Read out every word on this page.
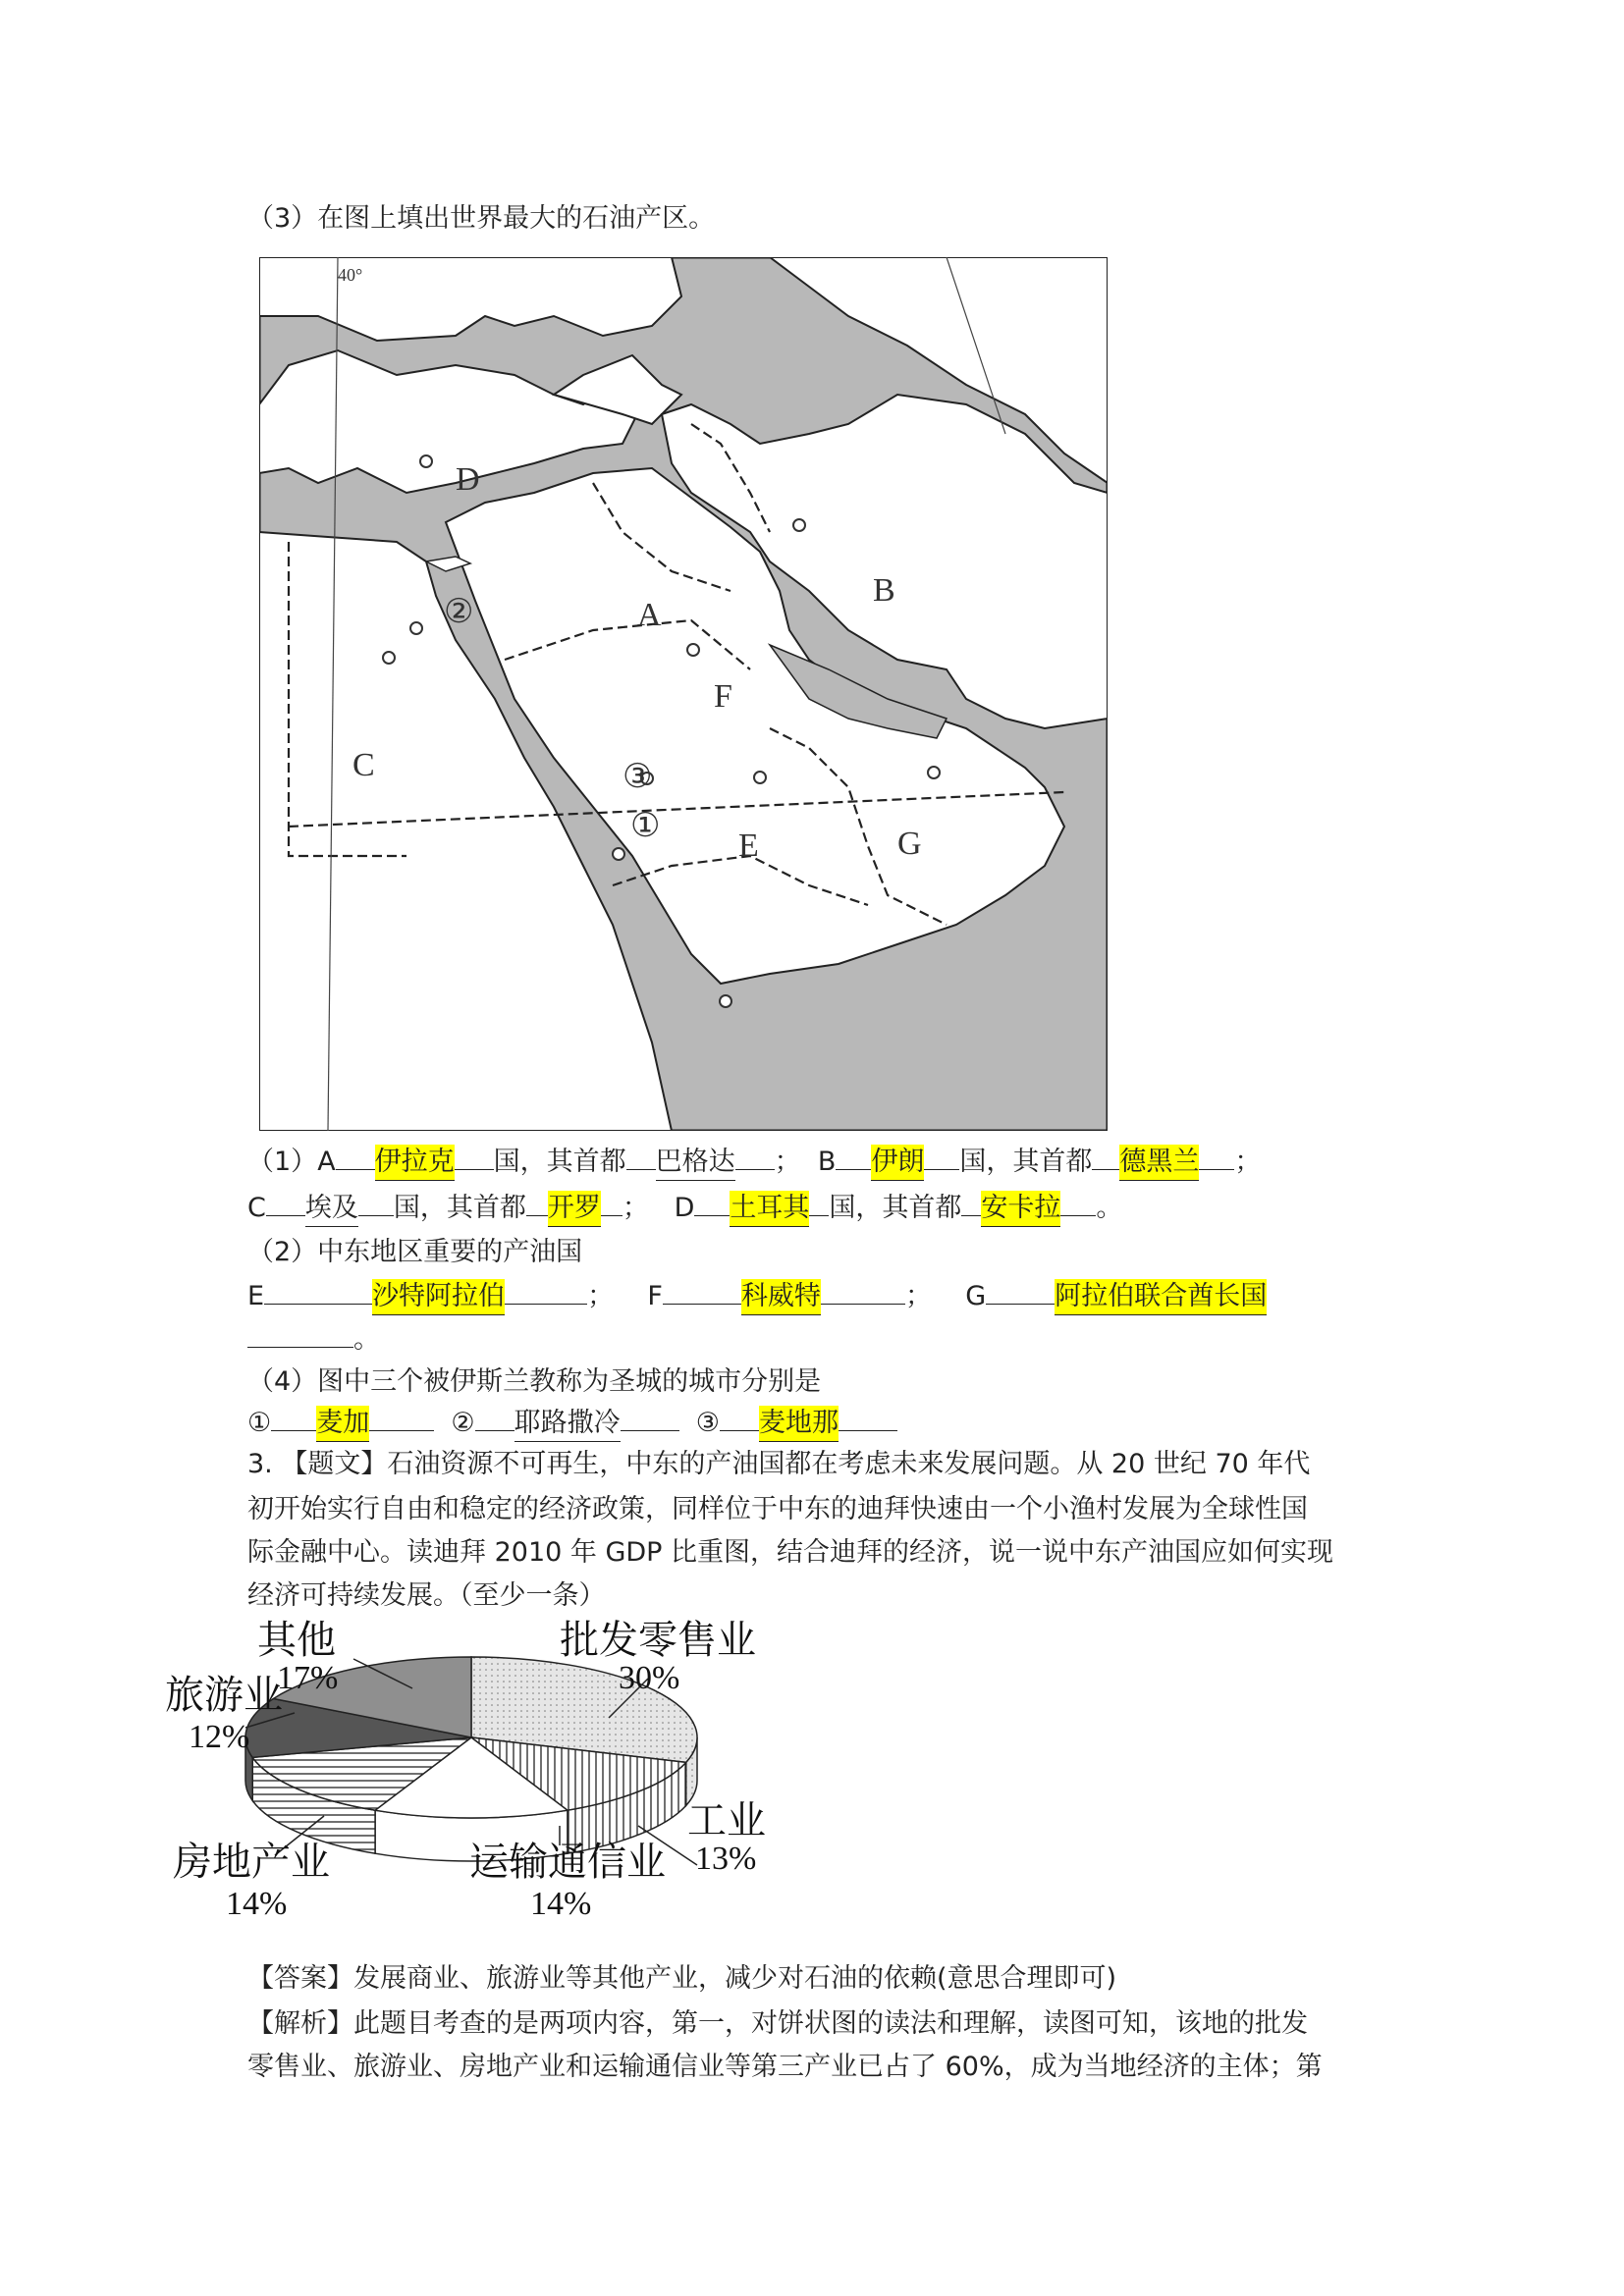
（3）在图上填出世界最大的石油产区。
40°
D
B
A
F
C
E	G
②
③
①
（1）A 伊拉克 国，其首都 巴格达 ； B 伊朗 国，其首都 德黑兰 ；
C 埃及 国，其首都 开罗 ； D 土耳其 国，其首都 安卡拉 。
（2）中东地区重要的产油国
E	沙特阿拉伯	； F	科威特	； G	阿拉伯联合酋长国
。
（4）图中三个被伊斯兰教称为圣城的城市分别是
① 麦加	② 耶路撒冷	③ 麦地那
3. 【题文】石油资源不可再生，中东的产油国都在考虑未来发展问题。从 20 世纪 70 年代
初开始实行自由和稳定的经济政策，同样位于中东的迪拜快速由一个小渔村发展为全球性国
际金融中心。读迪拜 2010 年 GDP 比重图，结合迪拜的经济，说一说中东产油国应如何实现
经济可持续发展。（至少一条）
批发零售业
30%
其他
17%
旅游业
12%
工业
13%
房地产业
14%
运输通信业
14%
【答案】发展商业、旅游业等其他产业，减少对石油的依赖(意思合理即可)
【解析】此题目考查的是两项内容，第一，对饼状图的读法和理解，读图可知，该地的批发
零售业、旅游业、房地产业和运输通信业等第三产业已占了 60%，成为当地经济的主体；第
